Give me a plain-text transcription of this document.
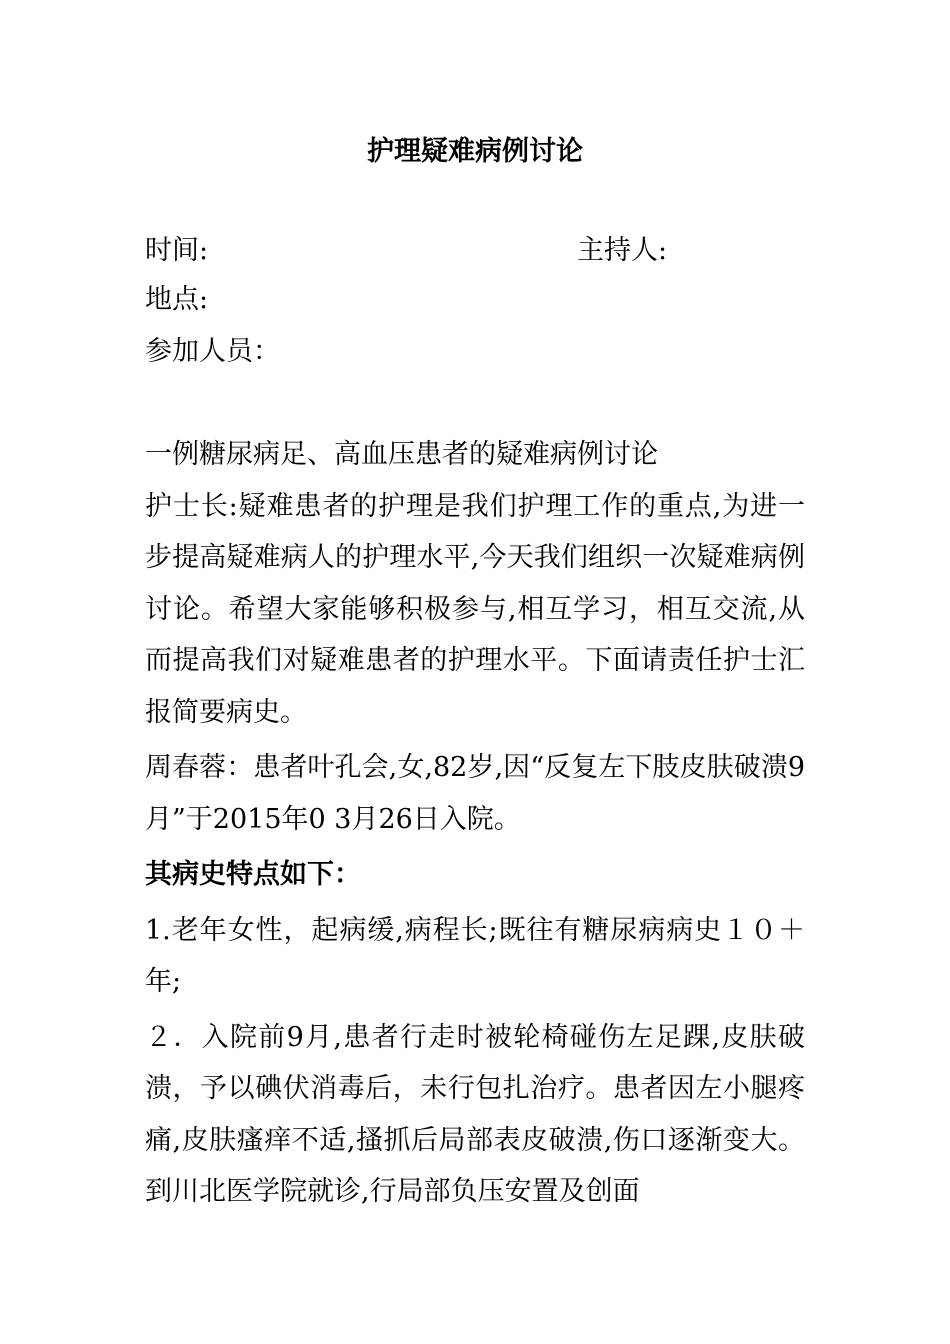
护理疑难病例讨论
时间:	主持人:
地点:
参加人员：

一例糖尿病足、高血压患者的疑难病例讨论

护士长:疑难患者的护理是我们护理工作的重点,为进一步提高疑难病人的护理水平,今天我们组织一次疑难病例讨论。希望大家能够积极参与,相互学习，相互交流,从而提高我们对疑难患者的护理水平。下面请责任护士汇报简要病史。

周春蓉：患者叶孔会,女,82岁,因“反复左下肢皮肤破溃9月”于2015年0 3月26日入院。

其病史特点如下：

1.老年女性，起病缓,病程长;既往有糖尿病病史１０＋年;

２．入院前9月,患者行走时被轮椅碰伤左足踝,皮肤破溃，予以碘伏消毒后，未行包扎治疗。患者因左小腿疼痛,皮肤瘙痒不适,搔抓后局部表皮破溃,伤口逐渐变大。到川北医学院就诊,行局部负压安置及创面
